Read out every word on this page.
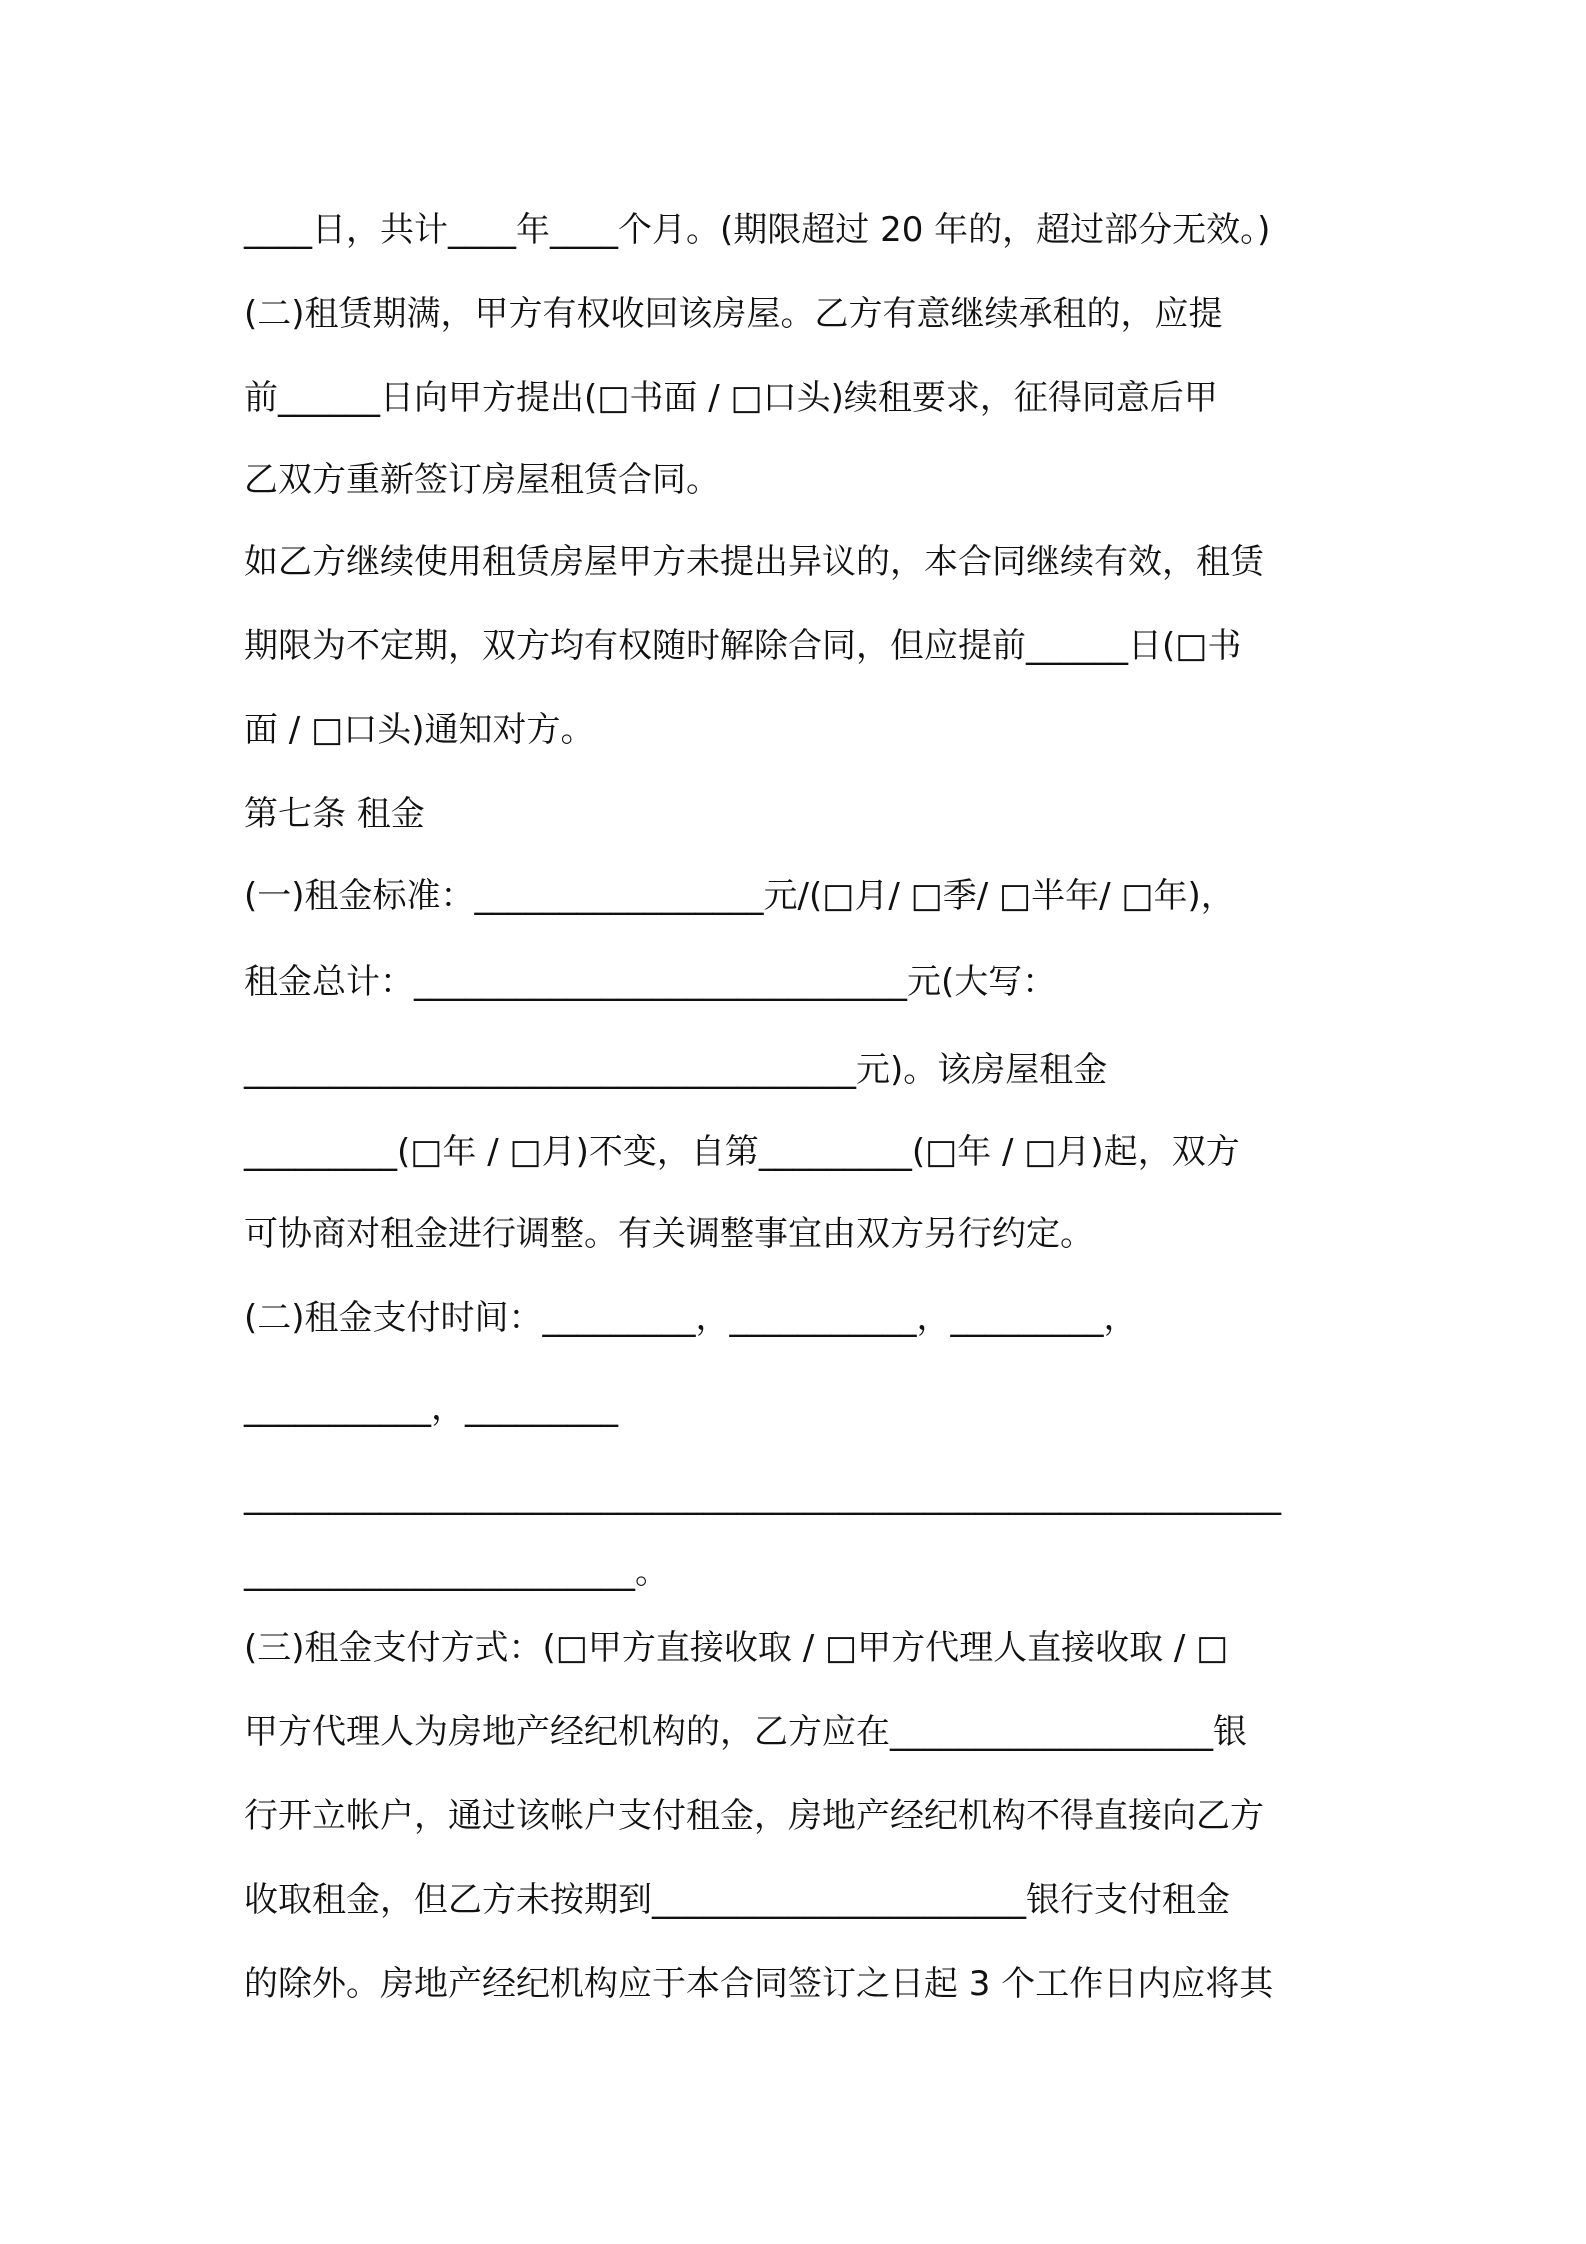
____日，共计____年____个月。(期限超过 20 年的，超过部分无效。)
(二)租赁期满，甲方有权收回该房屋。乙方有意继续承租的，应提
前______日向甲方提出(□书面 / □口头)续租要求，征得同意后甲
乙双方重新签订房屋租赁合同。
如乙方继续使用租赁房屋甲方未提出异议的，本合同继续有效，租赁
期限为不定期，双方均有权随时解除合同，但应提前______日(□书
面 / □口头)通知对方。
第七条 租金
(一)租金标准：_________________元/(□月/ □季/ □半年/ □年)，
租金总计：_____________________________元(大写：
____________________________________元)。该房屋租金
_________(□年 / □月)不变，自第_________(□年 / □月)起，双方
可协商对租金进行调整。有关调整事宜由双方另行约定。
(二)租金支付时间：_________，___________，_________，
___________，_________
_____________________________________________________________
_______________________。
(三)租金支付方式：(□甲方直接收取 / □甲方代理人直接收取 / □
甲方代理人为房地产经纪机构的，乙方应在___________________银
行开立帐户，通过该帐户支付租金，房地产经纪机构不得直接向乙方
收取租金，但乙方未按期到______________________银行支付租金
的除外。房地产经纪机构应于本合同签订之日起 3 个工作日内应将其
